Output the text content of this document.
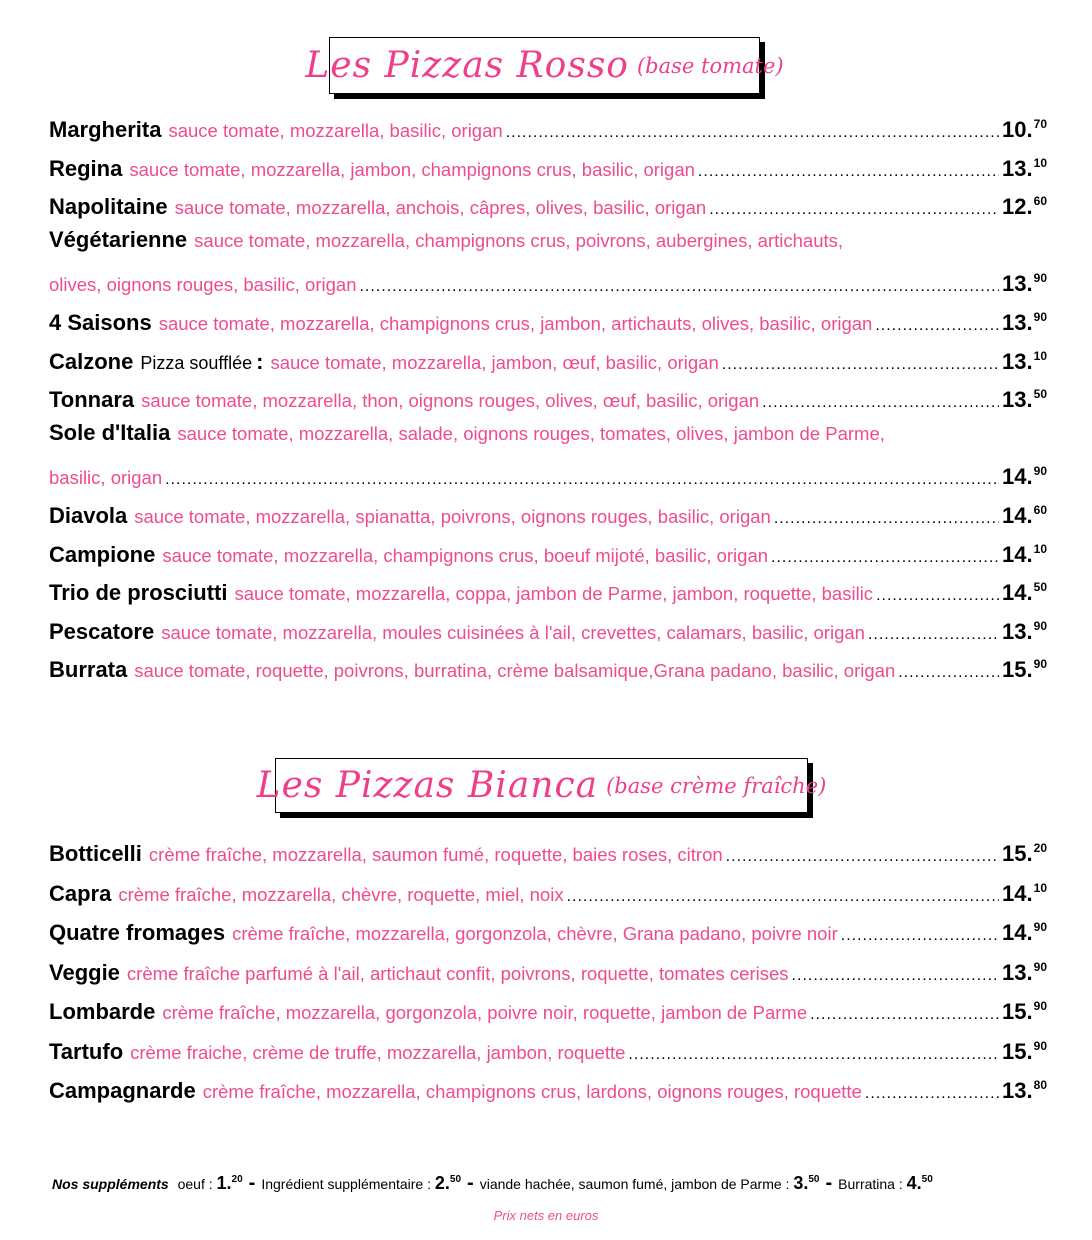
Les Pizzas Rosso (base tomate)
Margherita sauce tomate, mozzarella, basilic, origan .....	10.70
Regina sauce tomate, mozzarella, jambon, champignons crus, basilic, origan .....	13.10
Napolitaine sauce tomate, mozzarella, anchois, câpres, olives, basilic, origan .....	12.60
Végétarienne sauce tomate, mozzarella, champignons crus, poivrons, aubergines, artichauts,
olives, oignons rouges, basilic, origan .....	13.90
4 Saisons sauce tomate, mozzarella, champignons crus, jambon, artichauts, olives, basilic, origan .....	13.90
Calzone Pizza soufflée : sauce tomate, mozzarella, jambon, œuf, basilic, origan .....	13.10
Tonnara sauce tomate, mozzarella, thon, oignons rouges, olives, œuf, basilic, origan .....	13.50
Sole d'Italia sauce tomate, mozzarella, salade, oignons rouges, tomates, olives, jambon de Parme,
basilic, origan .....	14.90
Diavola sauce tomate, mozzarella, spianatta, poivrons, oignons rouges, basilic, origan .....	14.60
Campione sauce tomate, mozzarella, champignons crus, boeuf mijoté, basilic, origan .....	14.10
Trio de prosciutti sauce tomate, mozzarella, coppa, jambon de Parme, jambon, roquette, basilic .....	14.50
Pescatore sauce tomate, mozzarella, moules cuisinées à l'ail, crevettes, calamars, basilic, origan .....	13.90
Burrata sauce tomate, roquette, poivrons, burratina, crème balsamique,Grana padano, basilic, origan .....	15.90
Les Pizzas Bianca (base crème fraîche)
Botticelli crème fraîche, mozzarella, saumon fumé, roquette, baies roses, citron .....	15.20
Capra crème fraîche, mozzarella, chèvre, roquette, miel, noix .....	14.10
Quatre fromages crème fraîche, mozzarella, gorgonzola, chèvre, Grana padano, poivre noir .....	14.90
Veggie crème fraîche parfumé à l'ail, artichaut confit, poivrons, roquette, tomates cerises .....	13.90
Lombarde crème fraîche, mozzarella, gorgonzola, poivre noir, roquette, jambon de Parme .....	15.90
Tartufo crème fraiche, crème de truffe, mozzarella, jambon, roquette .....	15.90
Campagnarde crème fraîche, mozzarella, champignons crus, lardons, oignons rouges, roquette .....	13.80
Nos suppléments oeuf : 1.20 - Ingrédient supplémentaire : 2.50 - viande hachée, saumon fumé, jambon de Parme : 3.50 - Burratina : 4.50
Prix nets en euros
